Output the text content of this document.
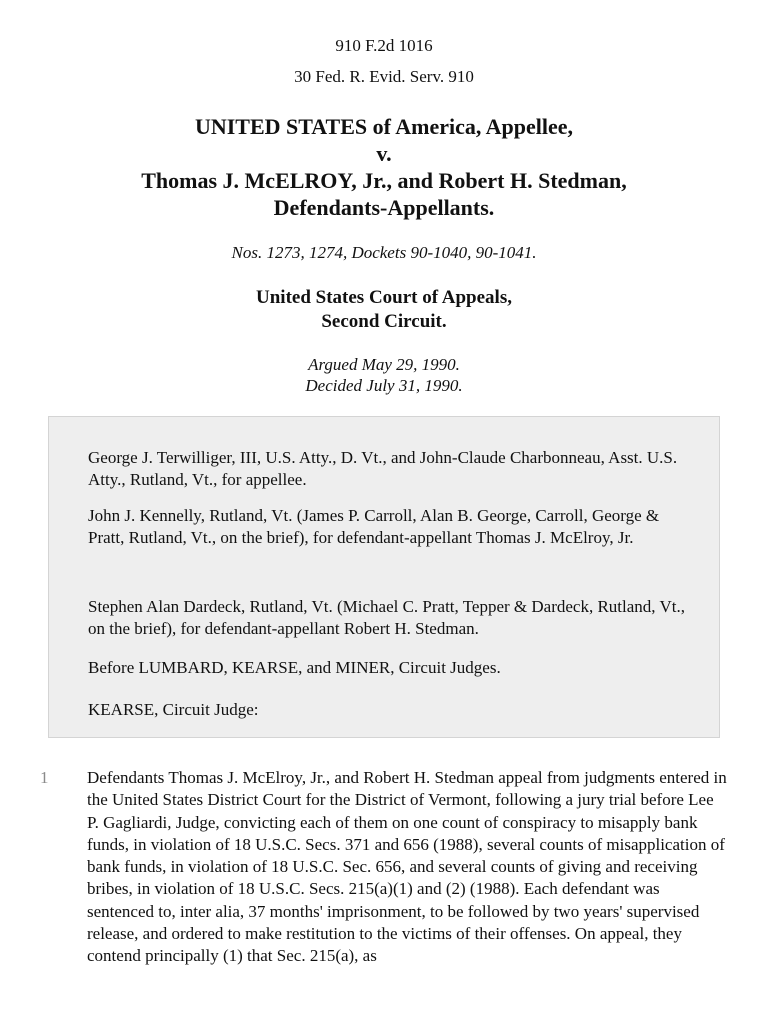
910 F.2d 1016
30 Fed. R. Evid. Serv. 910
UNITED STATES of America, Appellee,
v.
Thomas J. McELROY, Jr., and Robert H. Stedman,
Defendants-Appellants.
Nos. 1273, 1274, Dockets 90-1040, 90-1041.
United States Court of Appeals,
Second Circuit.
Argued May 29, 1990.
Decided July 31, 1990.

George J. Terwilliger, III, U.S. Atty., D. Vt., and John-Claude Charbonneau, Asst. U.S. Atty., Rutland, Vt., for appellee.

John J. Kennelly, Rutland, Vt. (James P. Carroll, Alan B. George, Carroll, George & Pratt, Rutland, Vt., on the brief), for defendant-appellant Thomas J. McElroy, Jr.

Stephen Alan Dardeck, Rutland, Vt. (Michael C. Pratt, Tepper & Dardeck, Rutland, Vt., on the brief), for defendant-appellant Robert H. Stedman.

Before LUMBARD, KEARSE, and MINER, Circuit Judges.

KEARSE, Circuit Judge:

1 Defendants Thomas J. McElroy, Jr., and Robert H. Stedman appeal from judgments entered in the United States District Court for the District of Vermont, following a jury trial before Lee P. Gagliardi, Judge, convicting each of them on one count of conspiracy to misapply bank funds, in violation of 18 U.S.C. Secs. 371 and 656 (1988), several counts of misapplication of bank funds, in violation of 18 U.S.C. Sec. 656, and several counts of giving and receiving bribes, in violation of 18 U.S.C. Secs. 215(a)(1) and (2) (1988). Each defendant was sentenced to, inter alia, 37 months' imprisonment, to be followed by two years' supervised release, and ordered to make restitution to the victims of their offenses. On appeal, they contend principally (1) that Sec. 215(a), as
